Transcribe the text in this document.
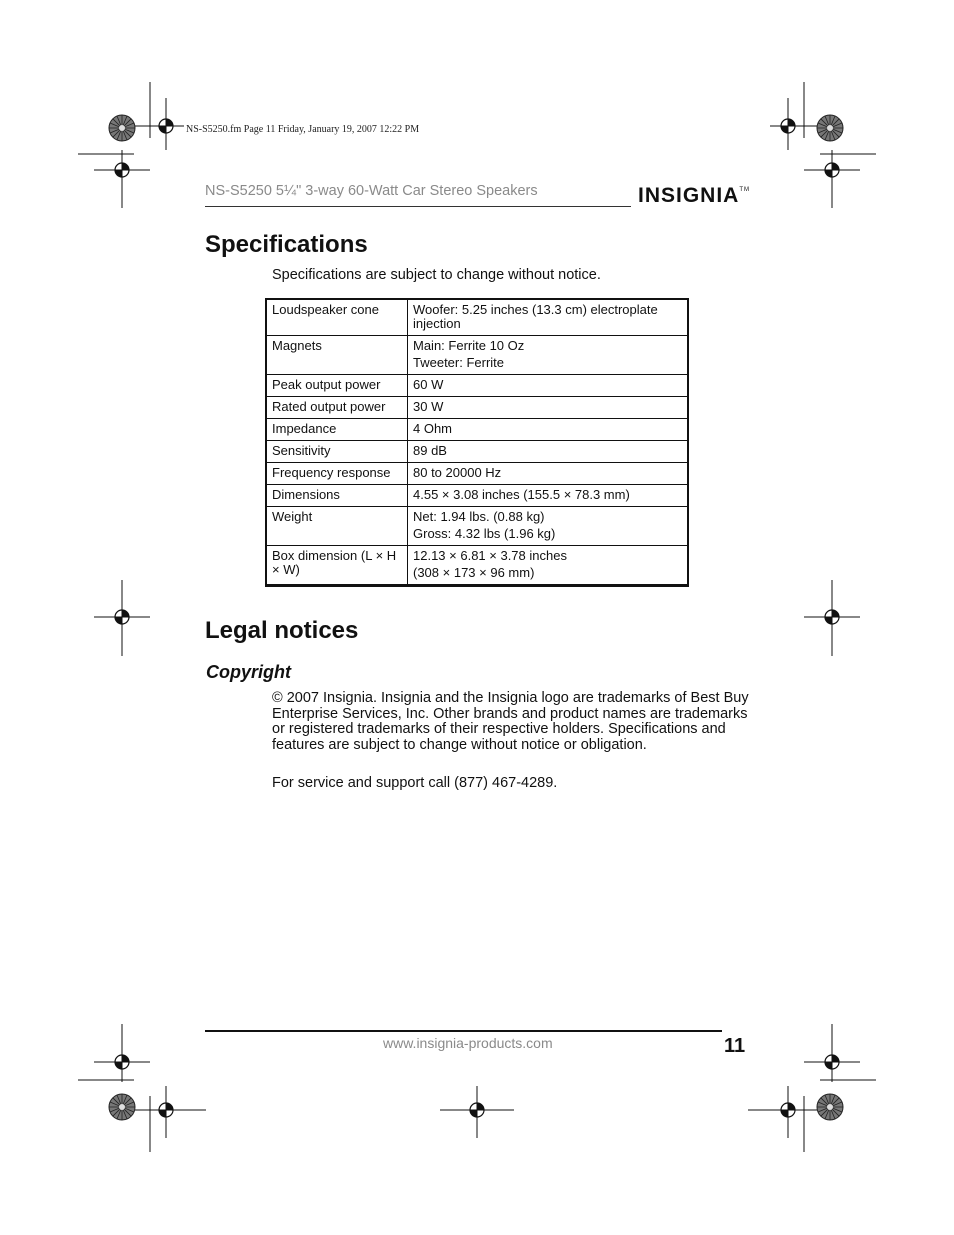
NS-S5250.fm Page 11 Friday, January 19, 2007 12:22 PM
NS-S5250 5¼" 3-way 60-Watt Car Stereo Speakers	INSIGNIA™
Specifications
Specifications are subject to change without notice.
Loudspeaker cone	Woofer: 5.25 inches (13.3 cm) electroplate injection

Magnets	Main: Ferrite 10 Oz
Tweeter: Ferrite

Peak output power	60 W

Rated output power	30 W

Impedance	4 Ohm

Sensitivity	89 dB

Frequency response	80 to 20000 Hz

Dimensions	4.55 × 3.08 inches (155.5 × 78.3 mm)

Weight	Net: 1.94 lbs. (0.88 kg)
Gross: 4.32 lbs (1.96 kg)

Box dimension (L × H × W)	12.13 × 6.81 × 3.78 inches
(308 × 173 × 96 mm)
Legal notices
Copyright
© 2007 Insignia. Insignia and the Insignia logo are trademarks of Best Buy Enterprise Services, Inc. Other brands and product names are trademarks or registered trademarks of their respective holders. Specifications and features are subject to change without notice or obligation.
For service and support call (877) 467-4289.
www.insignia-products.com	11
